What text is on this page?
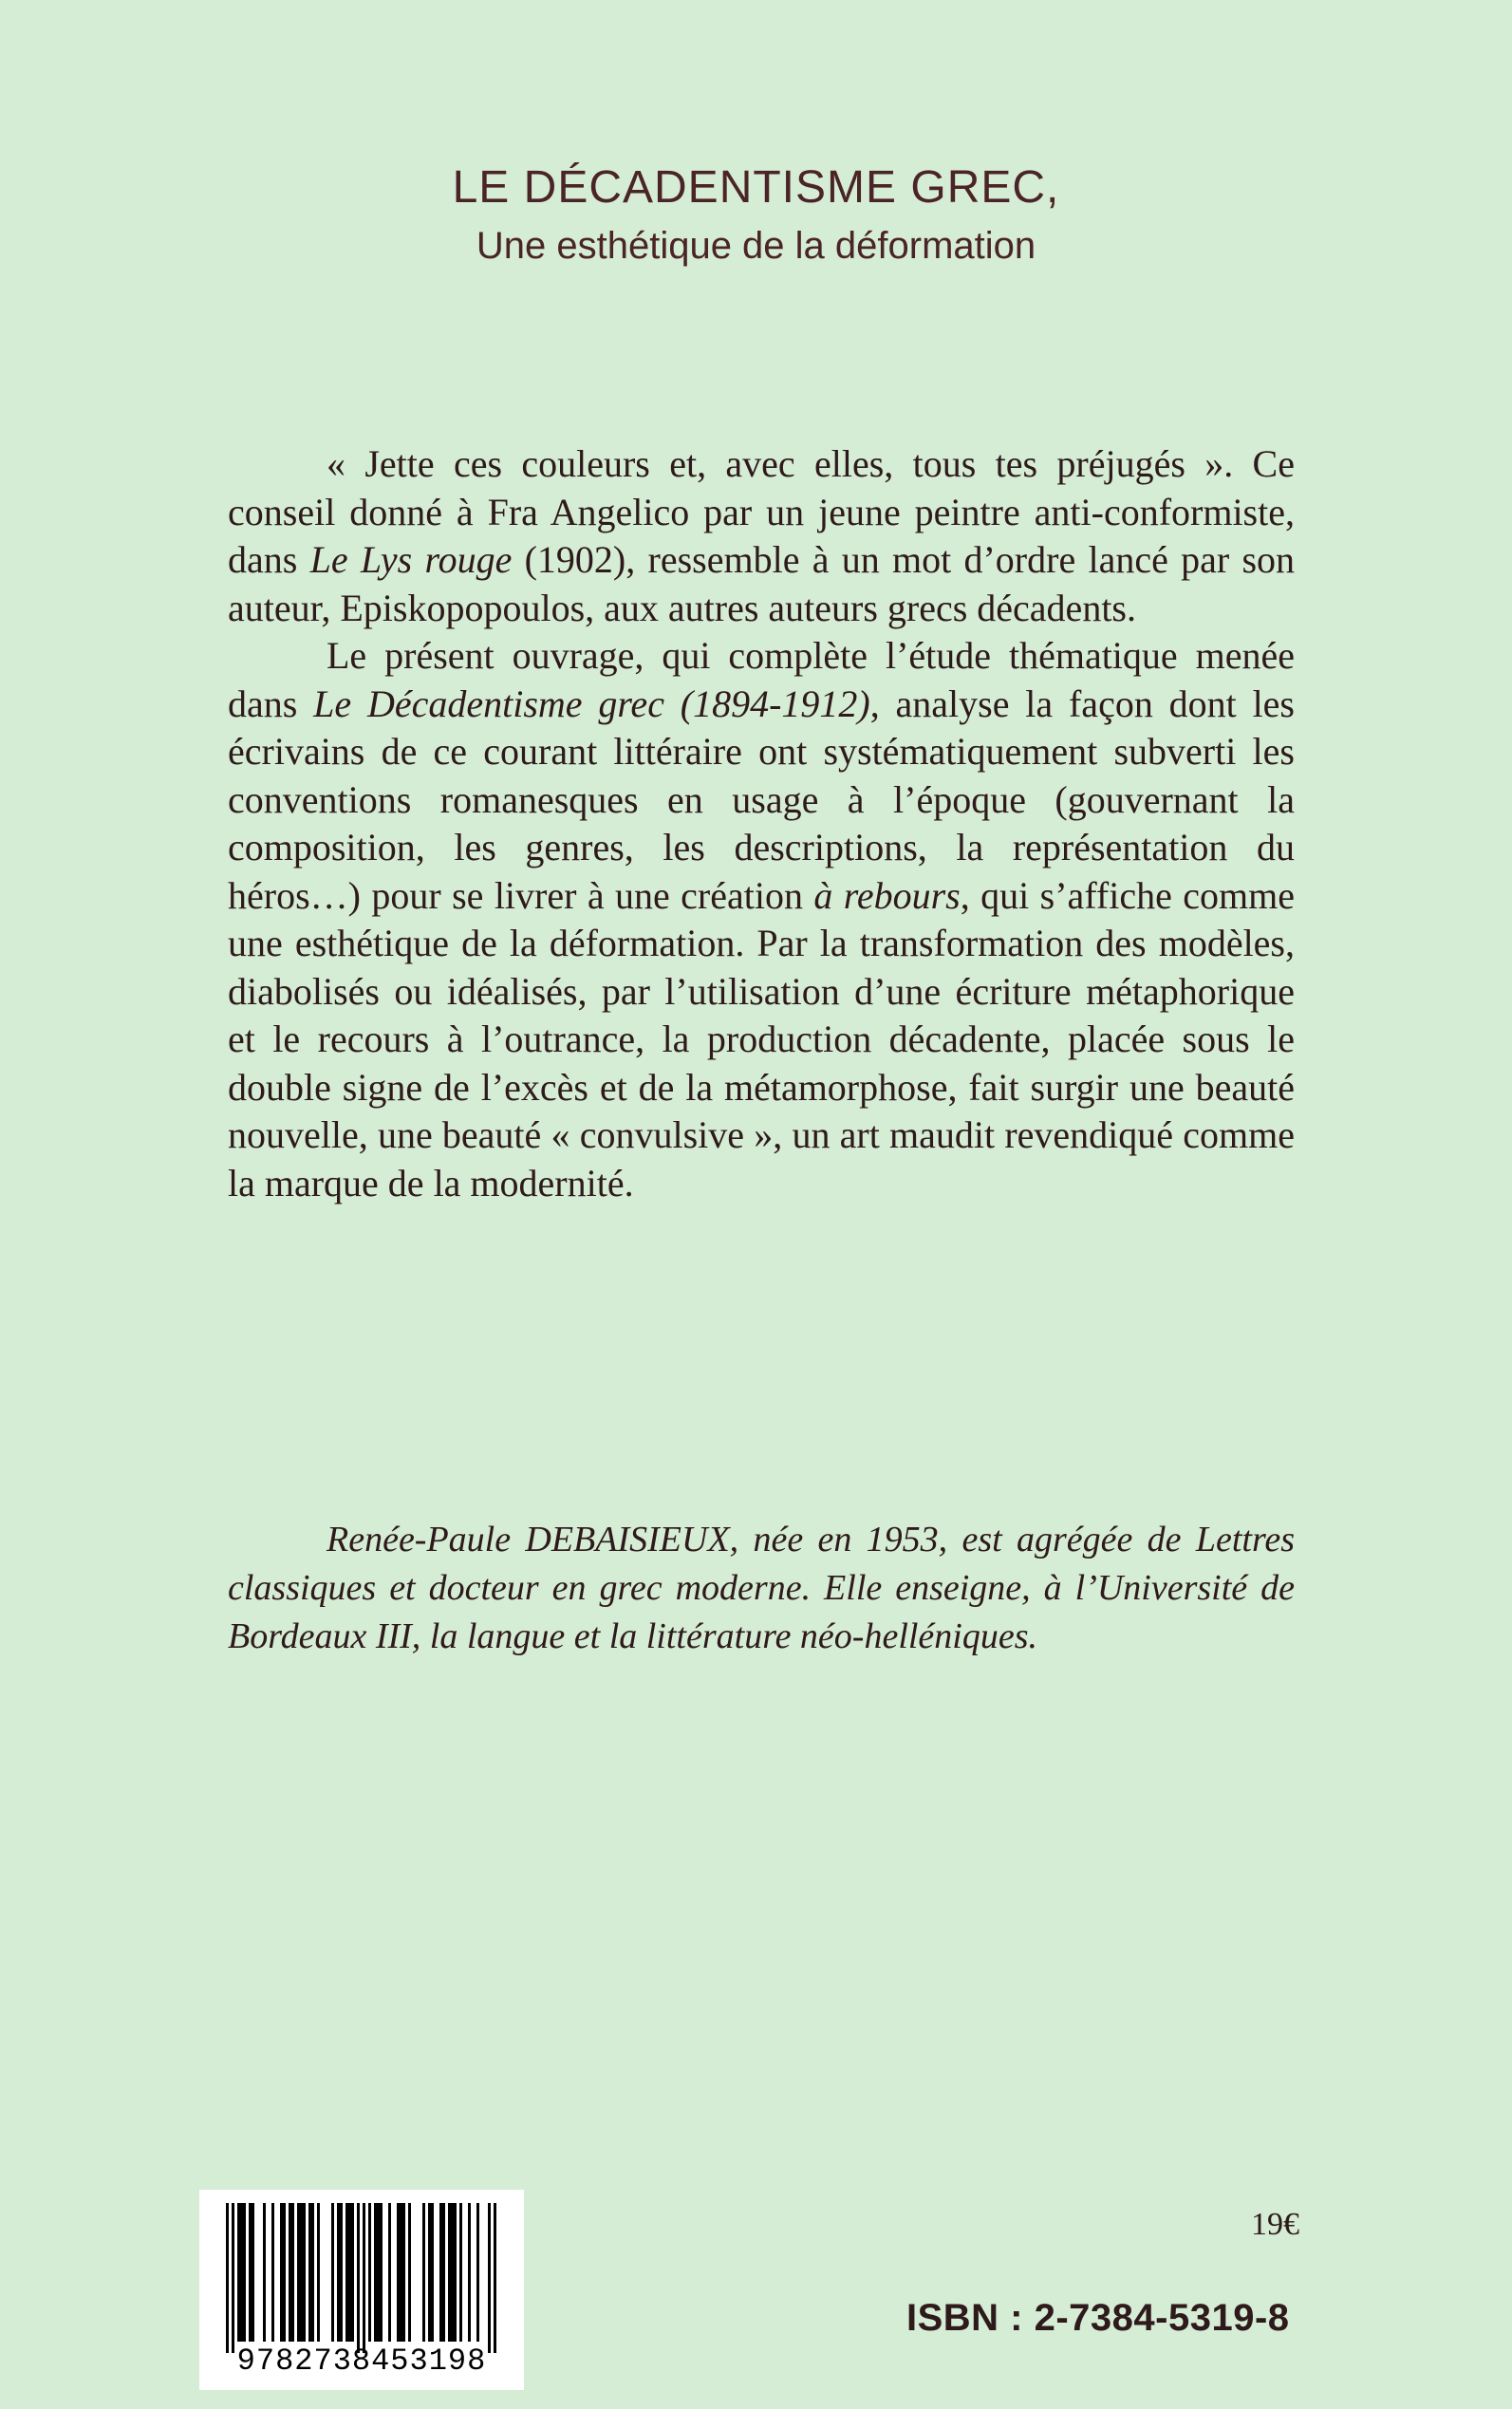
LE DÉCADENTISME GREC,
Une esthétique de la déformation

« Jette ces couleurs et, avec elles, tous tes préjugés ». Ce conseil donné à Fra Angelico par un jeune peintre anti-conformiste, dans Le Lys rouge (1902), ressemble à un mot d’ordre lancé par son auteur, Episkopopoulos, aux autres auteurs grecs décadents.

Le présent ouvrage, qui complète l’étude thématique menée dans Le Décadentisme grec (1894-1912), analyse la façon dont les écrivains de ce courant littéraire ont systématiquement subverti les conventions romanesques en usage à l’époque (gouvernant la composition, les genres, les descriptions, la représentation du héros…) pour se livrer à une création à rebours, qui s’affiche comme une esthétique de la déformation. Par la transformation des modèles, diabolisés ou idéalisés, par l’utilisation d’une écriture métaphorique et le recours à l’outrance, la production décadente, placée sous le double signe de l’excès et de la métamorphose, fait surgir une beauté nouvelle, une beauté « convulsive », un art maudit revendiqué comme la marque de la modernité.

Renée-Paule DEBAISIEUX, née en 1953, est agrégée de Lettres classiques et docteur en grec moderne. Elle enseigne, à l’Université de Bordeaux III, la langue et la littérature néo-helléniques.
9782738453198
19€
ISBN : 2-7384-5319-8
